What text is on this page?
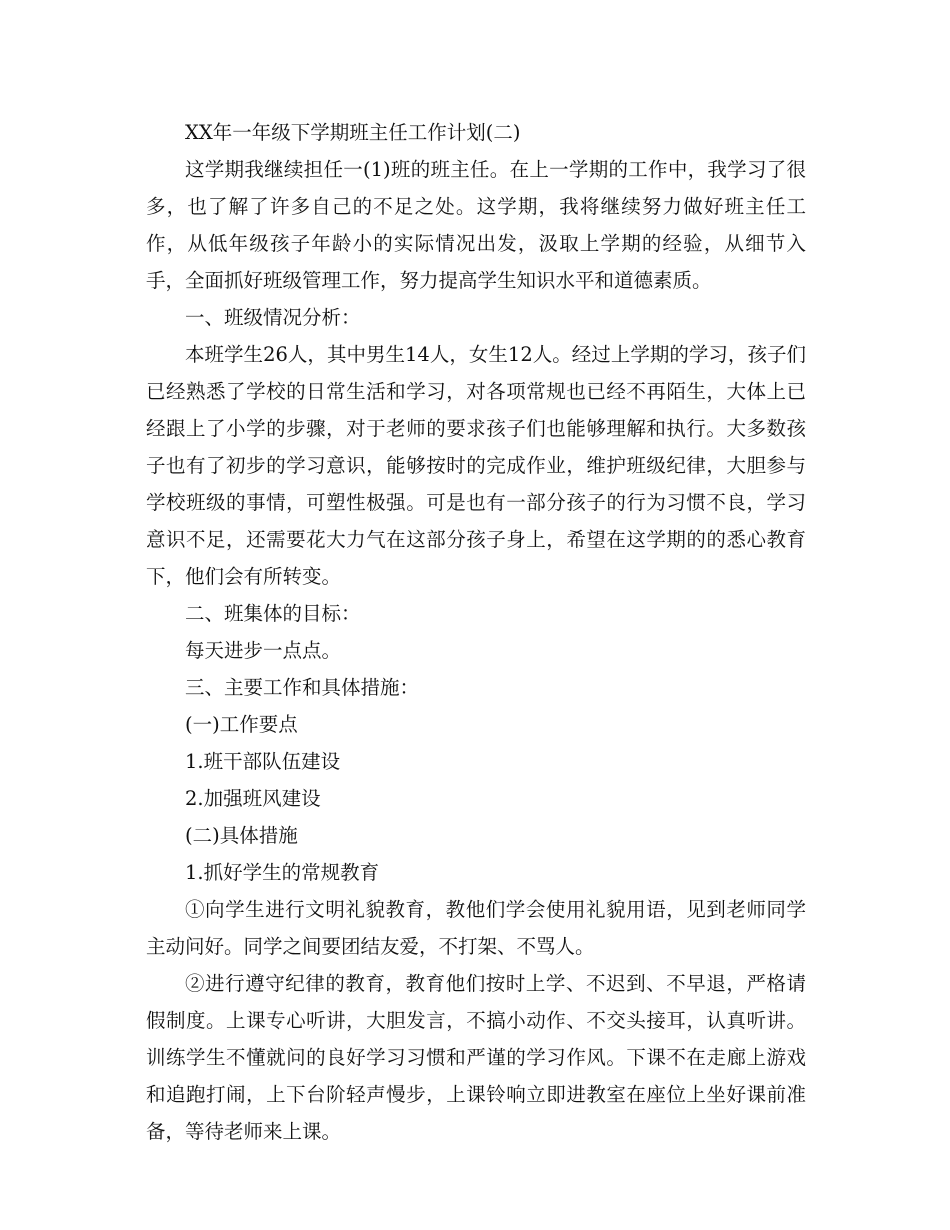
XX年一年级下学期班主任工作计划(二)

这学期我继续担任一(1)班的班主任。在上一学期的工作中，我学习了很多，也了解了许多自己的不足之处。这学期，我将继续努力做好班主任工作，从低年级孩子年龄小的实际情况出发，汲取上学期的经验，从细节入手，全面抓好班级管理工作，努力提高学生知识水平和道德素质。

一、班级情况分析：

本班学生26人，其中男生14人，女生12人。经过上学期的学习，孩子们已经熟悉了学校的日常生活和学习，对各项常规也已经不再陌生，大体上已经跟上了小学的步骤，对于老师的要求孩子们也能够理解和执行。大多数孩子也有了初步的学习意识，能够按时的完成作业，维护班级纪律，大胆参与学校班级的事情，可塑性极强。可是也有一部分孩子的行为习惯不良，学习意识不足，还需要花大力气在这部分孩子身上，希望在这学期的的悉心教育下，他们会有所转变。

二、班集体的目标：

每天进步一点点。

三、主要工作和具体措施：

(一)工作要点

1.班干部队伍建设

2.加强班风建设

(二)具体措施

1.抓好学生的常规教育

①向学生进行文明礼貌教育，教他们学会使用礼貌用语，见到老师同学主动问好。同学之间要团结友爱，不打架、不骂人。

②进行遵守纪律的教育，教育他们按时上学、不迟到、不早退，严格请假制度。上课专心听讲，大胆发言，不搞小动作、不交头接耳，认真听讲。训练学生不懂就问的良好学习习惯和严谨的学习作风。下课不在走廊上游戏和追跑打闹，上下台阶轻声慢步，上课铃响立即进教室在座位上坐好课前准备，等待老师来上课。
